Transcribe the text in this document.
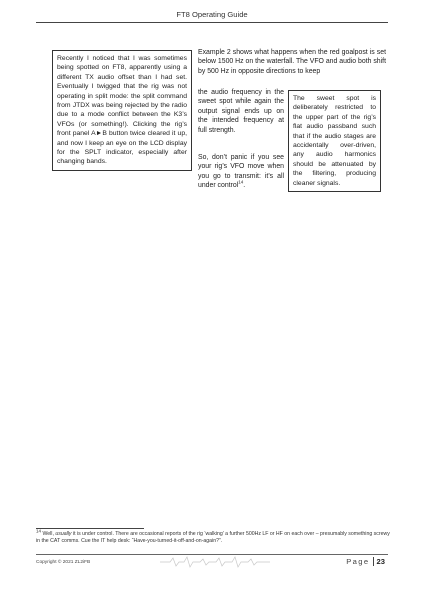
FT8 Operating Guide
Recently I noticed that I was sometimes being spotted on FT8, apparently using a different TX audio offset than I had set. Eventually I twigged that the rig was not operating in split mode: the split command from JTDX was being rejected by the radio due to a mode conflict between the K3’s VFOs (or something!). Clicking the rig’s front panel A►B button twice cleared it up, and now I keep an eye on the LCD display for the SPLT indicator, especially after changing bands.

Example 2 shows what happens when the red goalpost is set below 1500 Hz on the waterfall. The VFO and audio both shift by 500 Hz in opposite directions to keep

the audio frequency in the sweet spot while again the output signal ends up on the intended frequency at full strength.

The sweet spot is deliberately restricted to the upper part of the rig’s flat audio passband such that if the audio stages are accidentally over-driven, any audio harmonics should be attenuated by the filtering, producing cleaner signals.

So, don’t panic if you see your rig’s VFO move when you go to transmit: it’s all under control$^{14}$.

$^{14}$ Well, usually it is under control. There are occasional reports of the rig ‘walking’ a further 500Hz LF or HF on each over – presumably something screwy in the CAT comms. Cue the IT help desk: “Have-you-turned-it-off-and-on-again?”.

Copyright © 2021 ZL2iFB	Page 23
